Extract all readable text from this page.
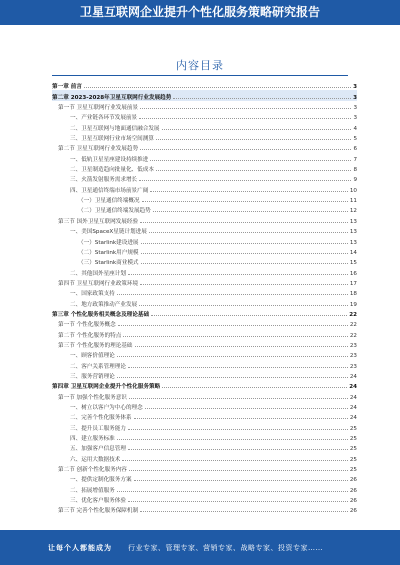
卫星互联网企业提升个性化服务策略研究报告
内容目录
第一章 前言	3
第二章 2023-2028年卫星互联网行业发展趋势	3
第一节 卫星互联网行业发展前景	3
一、产业链各环节发展前景	3
二、卫星互联网与地面通信融合发展	4
三、卫星互联网行业市场空间测算	5
第二节 卫星互联网行业发展趋势	6
一、低轨卫星星座建设持续推进	7
二、卫星制造趋向批量化、低成本	8
三、火箭发射服务需求增长	9
四、卫星通信终端市场前景广阔	10
（一）卫星通信终端概况	11
（二）卫星通信终端发展趋势	12
第三节 国外卫星互联网发展经验	13
一、美国SpaceX星链计划进展	13
（一）Starlink建设进展	13
（二）Starlink用户规模	14
（三）Starlink商业模式	15
二、其他国外星座计划	16
第四节 卫星互联网行业政策环境	17
一、国家政策支持	18
二、地方政策推动产业发展	19
第三章 个性化服务相关概念及理论基础	22
第一节 个性化服务概念	22
第二节 个性化服务的特点	22
第三节 个性化服务的理论基础	23
一、顾客价值理论	23
二、客户关系管理理论	23
三、服务营销理论	24
第四章 卫星互联网企业提升个性化服务策略	24
第一节 加强个性化服务意识	24
一、树立以客户为中心的理念	24
二、完善个性化服务体系	24
三、提升员工服务能力	25
四、建立服务标准	25
五、加强客户信息管理	25
六、运用大数据技术	25
第二节 创新个性化服务内容	25
一、提供定制化服务方案	26
二、拓展增值服务	26
三、优化客户服务体验	26
第三节 完善个性化服务保障机制	26
让每个人都能成为	行业专家、管理专家、营销专家、战略专家、投资专家……
